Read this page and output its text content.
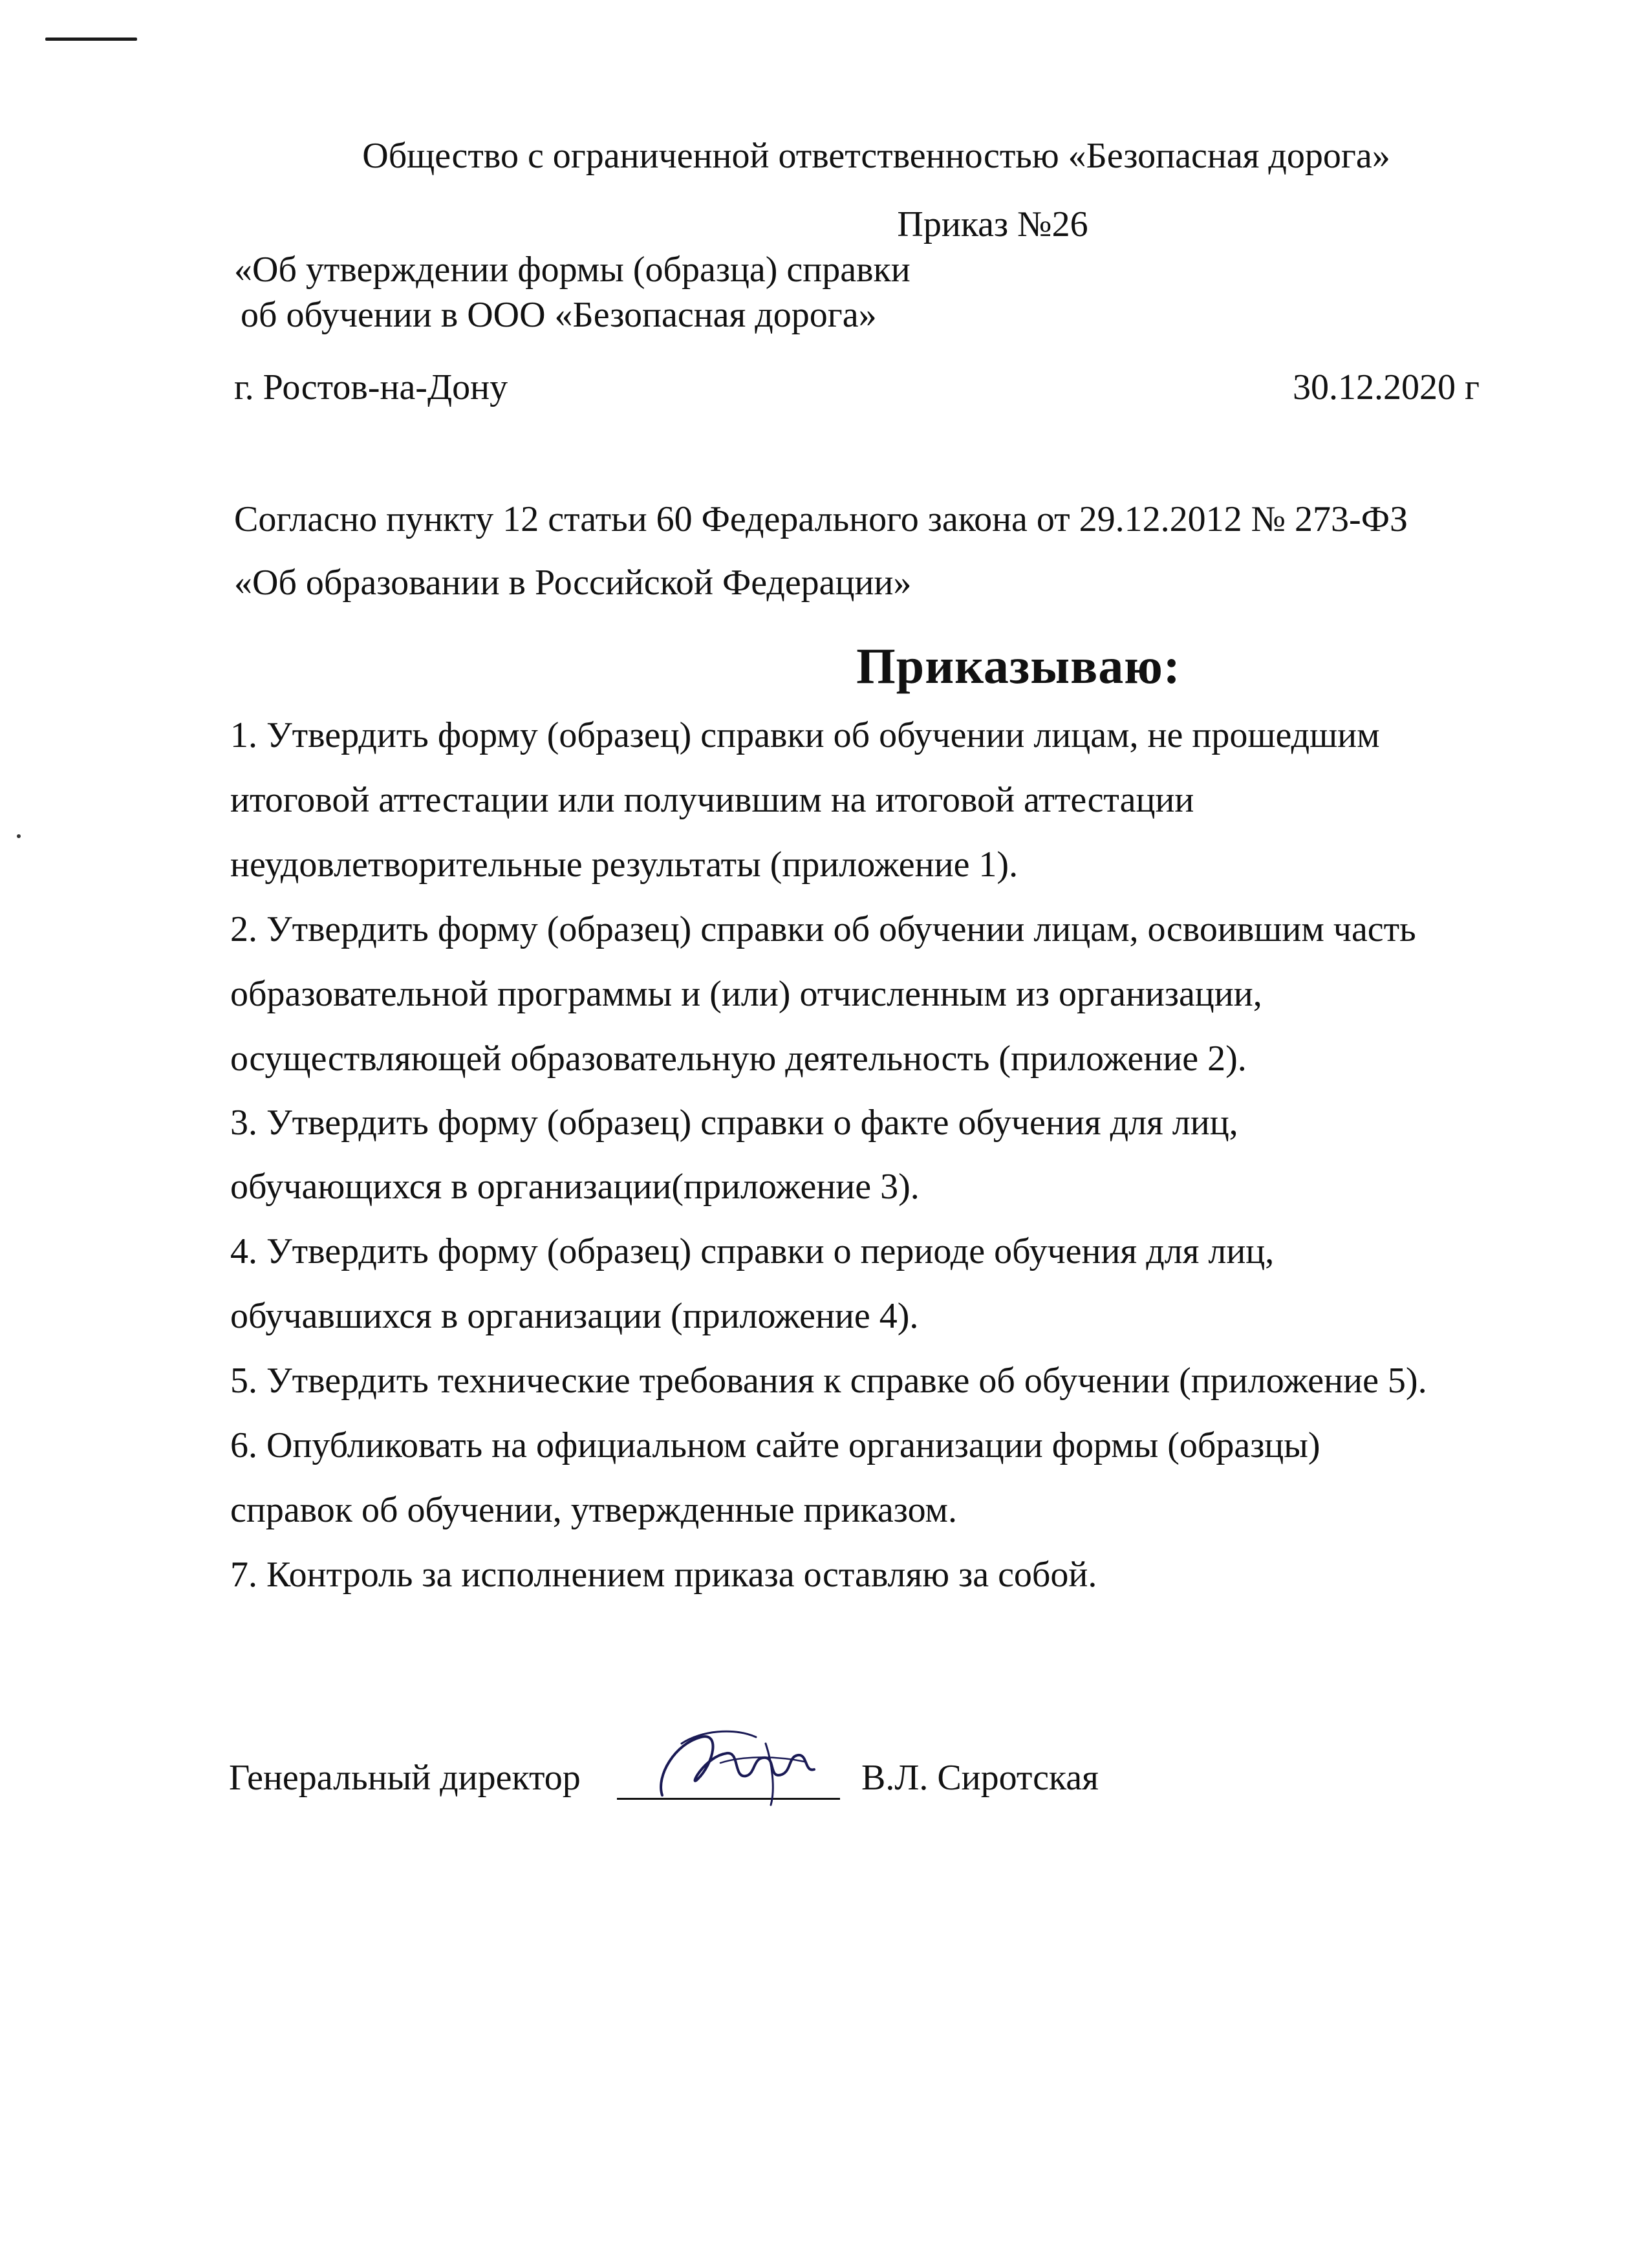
Общество с ограниченной ответственностью «Безопасная дорога»
Приказ №26
«Об утверждении формы (образца) справки
об обучении в ООО «Безопасная дорога»
г. Ростов-на-Дону	30.12.2020 г
Согласно пункту 12 статьи 60 Федерального закона от 29.12.2012 № 273-ФЗ
«Об образовании в Российской Федерации»
Приказываю:
1. Утвердить форму (образец) справки об обучении лицам, не прошедшим
итоговой аттестации или получившим на итоговой аттестации
неудовлетворительные результаты (приложение 1).
2. Утвердить форму (образец) справки об обучении лицам, освоившим часть
образовательной программы и (или) отчисленным из организации,
осуществляющей образовательную деятельность (приложение 2).
3. Утвердить форму (образец) справки о факте обучения для лиц,
обучающихся в организации(приложение 3).
4. Утвердить форму (образец) справки о периоде обучения для лиц,
обучавшихся в организации (приложение 4).
5. Утвердить технические требования к справке об обучении (приложение 5).
6. Опубликовать на официальном сайте организации формы (образцы)
справок об обучении, утвержденные приказом.
7. Контроль за исполнением приказа оставляю за собой.
Генеральный директор	В.Л. Сиротская
